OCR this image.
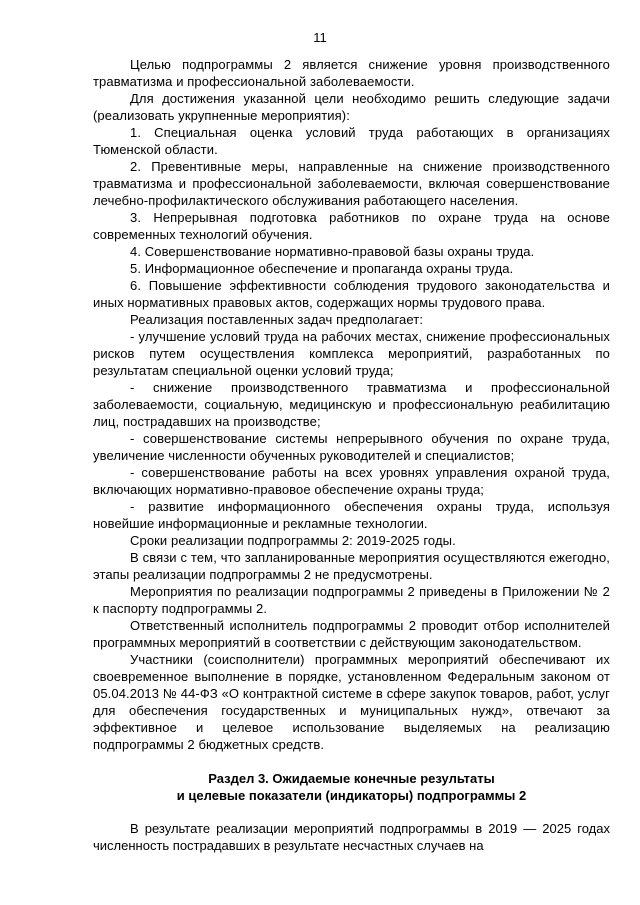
11

Целью подпрограммы 2 является снижение уровня производственного травматизма и профессиональной заболеваемости.

Для достижения указанной цели необходимо решить следующие задачи (реализовать укрупненные мероприятия):

1. Специальная оценка условий труда работающих в организациях Тюменской области.

2. Превентивные меры, направленные на снижение производственного травматизма и профессиональной заболеваемости, включая совершенствование лечебно-профилактического обслуживания работающего населения.

3. Непрерывная подготовка работников по охране труда на основе современных технологий обучения.

4. Совершенствование нормативно-правовой базы охраны труда.

5. Информационное обеспечение и пропаганда охраны труда.

6. Повышение эффективности соблюдения трудового законодательства и иных нормативных правовых актов, содержащих нормы трудового права.

Реализация поставленных задач предполагает:

- улучшение условий труда на рабочих местах, снижение профессиональных рисков путем осуществления комплекса мероприятий, разработанных по результатам специальной оценки условий труда;

- снижение производственного травматизма и профессиональной заболеваемости, социальную, медицинскую и профессиональную реабилитацию лиц, пострадавших на производстве;

- совершенствование системы непрерывного обучения по охране труда, увеличение численности обученных руководителей и специалистов;

- совершенствование работы на всех уровнях управления охраной труда, включающих нормативно-правовое обеспечение охраны труда;

- развитие информационного обеспечения охраны труда, используя новейшие информационные и рекламные технологии.

Сроки реализации подпрограммы 2: 2019-2025 годы.

В связи с тем, что запланированные мероприятия осуществляются ежегодно, этапы реализации подпрограммы 2 не предусмотрены.

Мероприятия по реализации подпрограммы 2 приведены в Приложении № 2 к паспорту подпрограммы 2.

Ответственный исполнитель подпрограммы 2 проводит отбор исполнителей программных мероприятий в соответствии с действующим законодательством.

Участники (соисполнители) программных мероприятий обеспечивают их своевременное выполнение в порядке, установленном Федеральным законом от 05.04.2013 № 44-ФЗ «О контрактной системе в сфере закупок товаров, работ, услуг для обеспечения государственных и муниципальных нужд», отвечают за эффективное и целевое использование выделяемых на реализацию подпрограммы 2 бюджетных средств.

Раздел 3. Ожидаемые конечные результаты
и целевые показатели (индикаторы) подпрограммы 2

В результате реализации мероприятий подпрограммы в 2019 — 2025 годах численность пострадавших в результате несчастных случаев на
